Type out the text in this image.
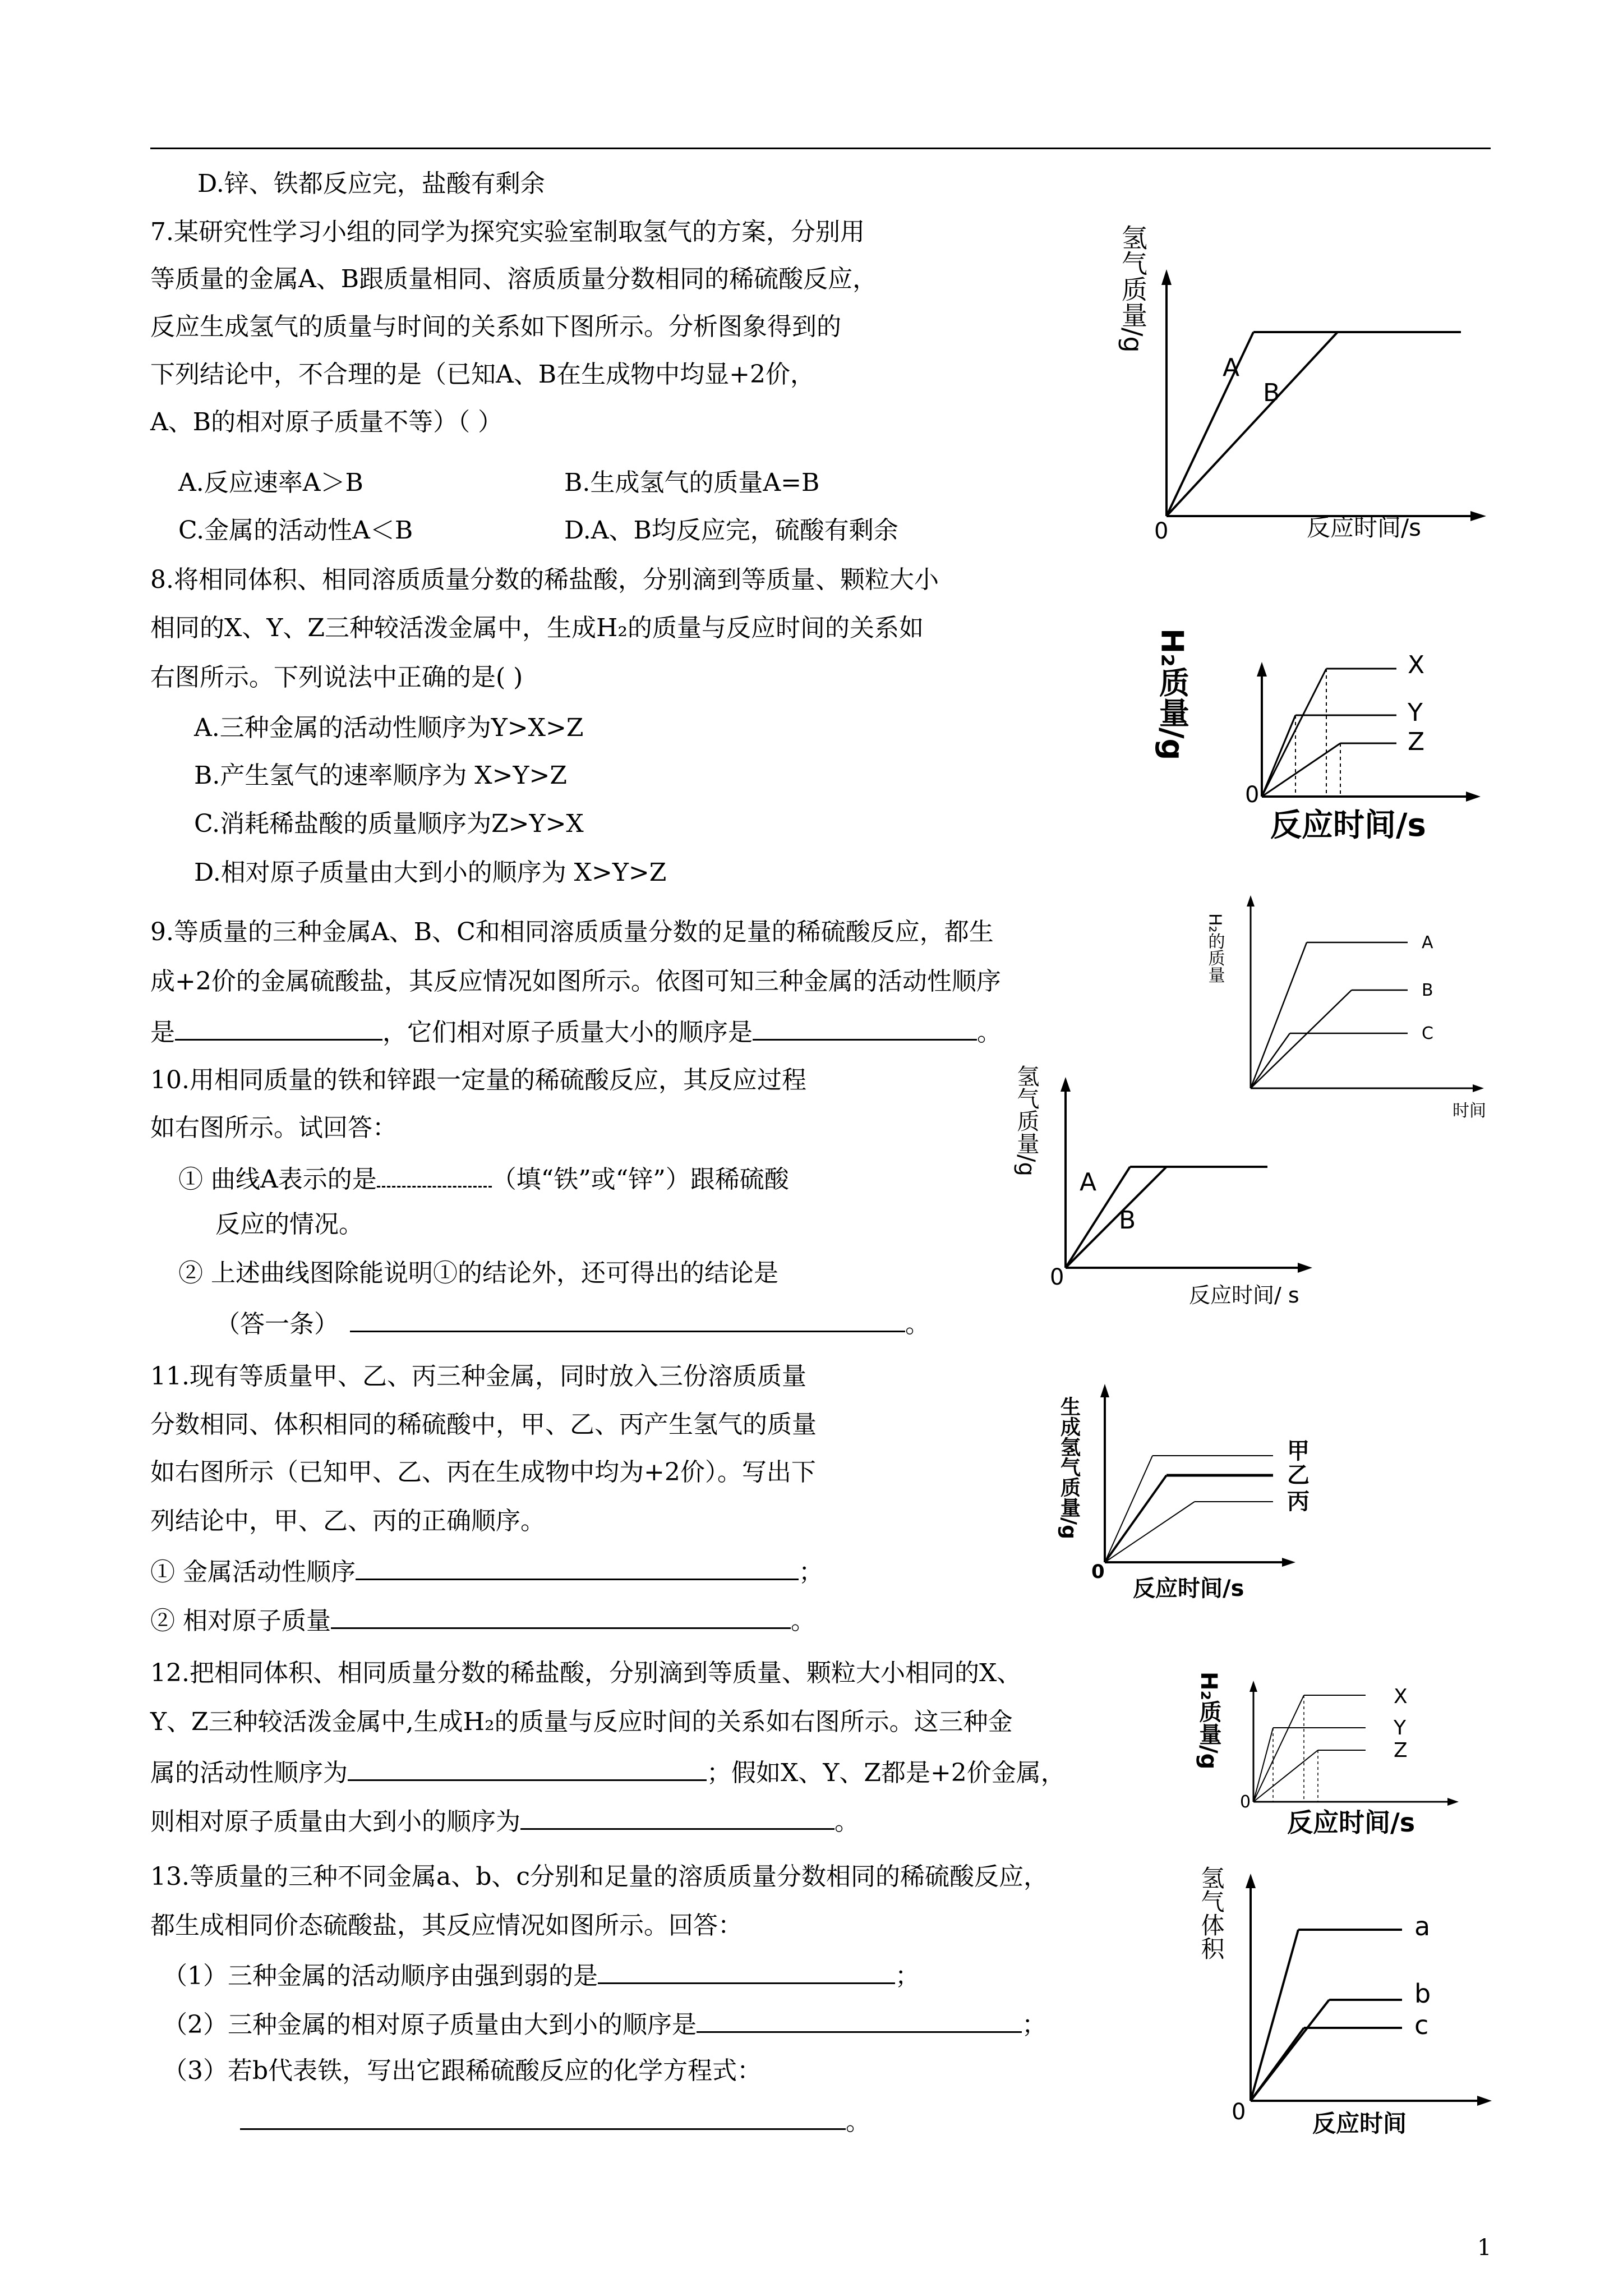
D.锌、铁都反应完，盐酸有剩余
7.某研究性学习小组的同学为探究实验室制取氢气的方案，分别用
等质量的金属A、B跟质量相同、溶质质量分数相同的稀硫酸反应，
反应生成氢气的质量与时间的关系如下图所示。分析图象得到的
下列结论中，不合理的是（已知A、B在生成物中均显+2价，
A、B的相对原子质量不等）（ ）
A.反应速率A＞B	B.生成氢气的质量A=B
C.金属的活动性A＜B	D.A、B均反应完，硫酸有剩余
氢气质量/g
A
B
0	反应时间/s
8.将相同体积、相同溶质质量分数的稀盐酸，分别滴到等质量、颗粒大小
相同的X、Y、Z三种较活泼金属中，生成H₂的质量与反应时间的关系如
右图所示。下列说法中正确的是( )
A.三种金属的活动性顺序为Y>X>Z
B.产生氢气的速率顺序为 X>Y>Z
C.消耗稀盐酸的质量顺序为Z>Y>X
D.相对原子质量由大到小的顺序为 X>Y>Z
H₂质量/g	X
Y
Z
0
反应时间/s
9.等质量的三种金属A、B、C和相同溶质质量分数的足量的稀硫酸反应，都生
成+2价的金属硫酸盐，其反应情况如图所示。依图可知三种金属的活动性顺序
是	，它们相对原子质量大小的顺序是	。
H₂的质量	A
B
C
时间
10.用相同质量的铁和锌跟一定量的稀硫酸反应，其反应过程
如右图所示。试回答：
① 曲线A表示的是	（填“铁”或“锌”）跟稀硫酸
反应的情况。
② 上述曲线图除能说明①的结论外，还可得出的结论是
（答一条）	。
氢气质量/g
A
B
0
反应时间/ s
11.现有等质量甲、乙、丙三种金属，同时放入三份溶质质量
分数相同、体积相同的稀硫酸中，甲、乙、丙产生氢气的质量
如右图所示（已知甲、乙、丙在生成物中均为+2价）。写出下
列结论中，甲、乙、丙的正确顺序。
① 金属活动性顺序	；
② 相对原子质量	。
生成氢气质量/g	甲
乙
丙
0
反应时间/s
12.把相同体积、相同质量分数的稀盐酸，分别滴到等质量、颗粒大小相同的X、
Y、Z三种较活泼金属中,生成H₂的质量与反应时间的关系如右图所示。这三种金
属的活动性顺序为	；假如X、Y、Z都是+2价金属，
则相对原子质量由大到小的顺序为	。
H₂质量/g	X
Y
Z
0
反应时间/s
13.等质量的三种不同金属a、b、c分别和足量的溶质质量分数相同的稀硫酸反应，
都生成相同价态硫酸盐，其反应情况如图所示。回答：
（1）三种金属的活动顺序由强到弱的是	；
（2）三种金属的相对原子质量由大到小的顺序是	；
（3）若b代表铁，写出它跟稀硫酸反应的化学方程式：
。
氢气体积	a
b
c
0	反应时间
1
